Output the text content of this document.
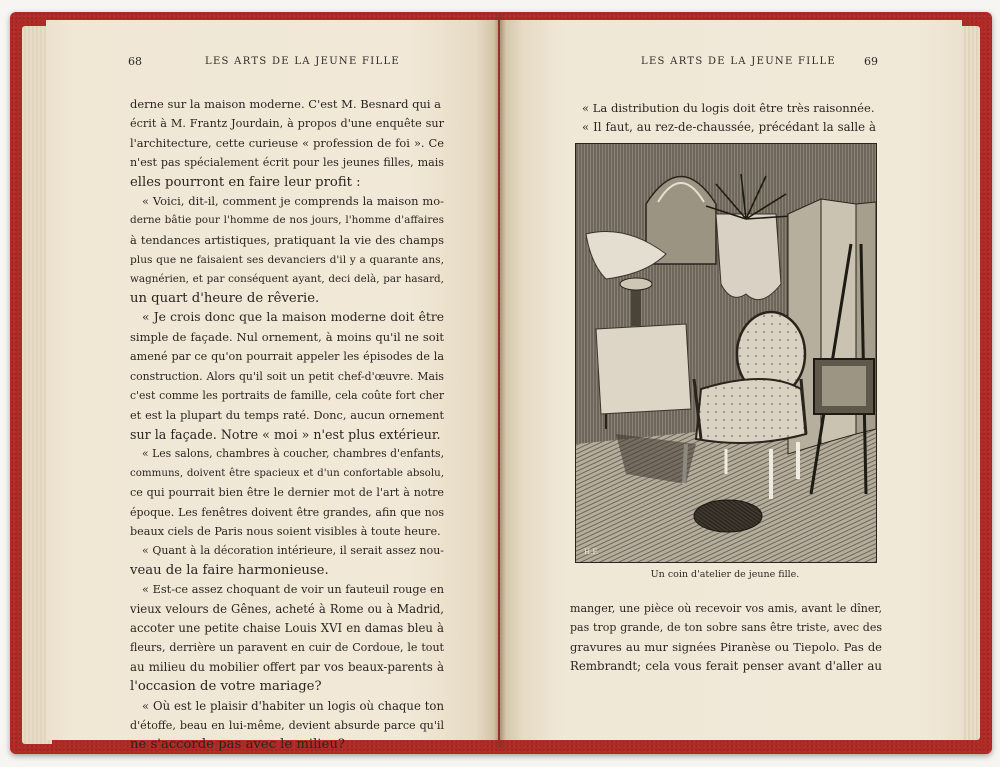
68	LES ARTS DE LA JEUNE FILLE
derne sur la maison moderne. C'est M. Besnard qui a
écrit à M. Frantz Jourdain, à propos d'une enquête sur
l'architecture, cette curieuse « profession de foi ». Ce
n'est pas spécialement écrit pour les jeunes filles, mais
elles pourront en faire leur profit :
« Voici, dit-il, comment je comprends la maison mo-
derne bâtie pour l'homme de nos jours, l'homme d'affaires
à tendances artistiques, pratiquant la vie des champs
plus que ne faisaient ses devanciers d'il y a quarante ans,
wagnérien, et par conséquent ayant, deci delà, par hasard,
un quart d'heure de rêverie.
« Je crois donc que la maison moderne doit être
simple de façade. Nul ornement, à moins qu'il ne soit
amené par ce qu'on pourrait appeler les épisodes de la
construction. Alors qu'il soit un petit chef-d'œuvre. Mais
c'est comme les portraits de famille, cela coûte fort cher
et est la plupart du temps raté. Donc, aucun ornement
sur la façade. Notre « moi » n'est plus extérieur.
« Les salons, chambres à coucher, chambres d'enfants,
communs, doivent être spacieux et d'un confortable absolu,
ce qui pourrait bien être le dernier mot de l'art à notre
époque. Les fenêtres doivent être grandes, afin que nos
beaux ciels de Paris nous soient visibles à toute heure.
« Quant à la décoration intérieure, il serait assez nou-
veau de la faire harmonieuse.
« Est-ce assez choquant de voir un fauteuil rouge en
vieux velours de Gênes, acheté à Rome ou à Madrid,
accoter une petite chaise Louis XVI en damas bleu à
fleurs, derrière un paravent en cuir de Cordoue, le tout
au milieu du mobilier offert par vos beaux-parents à
l'occasion de votre mariage?
« Où est le plaisir d'habiter un logis où chaque ton
d'étoffe, beau en lui-même, devient absurde parce qu'il
ne s'accorde pas avec le milieu?
LES ARTS DE LA JEUNE FILLE	69
« La distribution du logis doit être très raisonnée.
« Il faut, au rez-de-chaussée, précédant la salle à
H.F.
Un coin d'atelier de jeune fille.
manger, une pièce où recevoir vos amis, avant le dîner,
pas trop grande, de ton sobre sans être triste, avec des
gravures au mur signées Piranèse ou Tiepolo. Pas de
Rembrandt; cela vous ferait penser avant d'aller au
